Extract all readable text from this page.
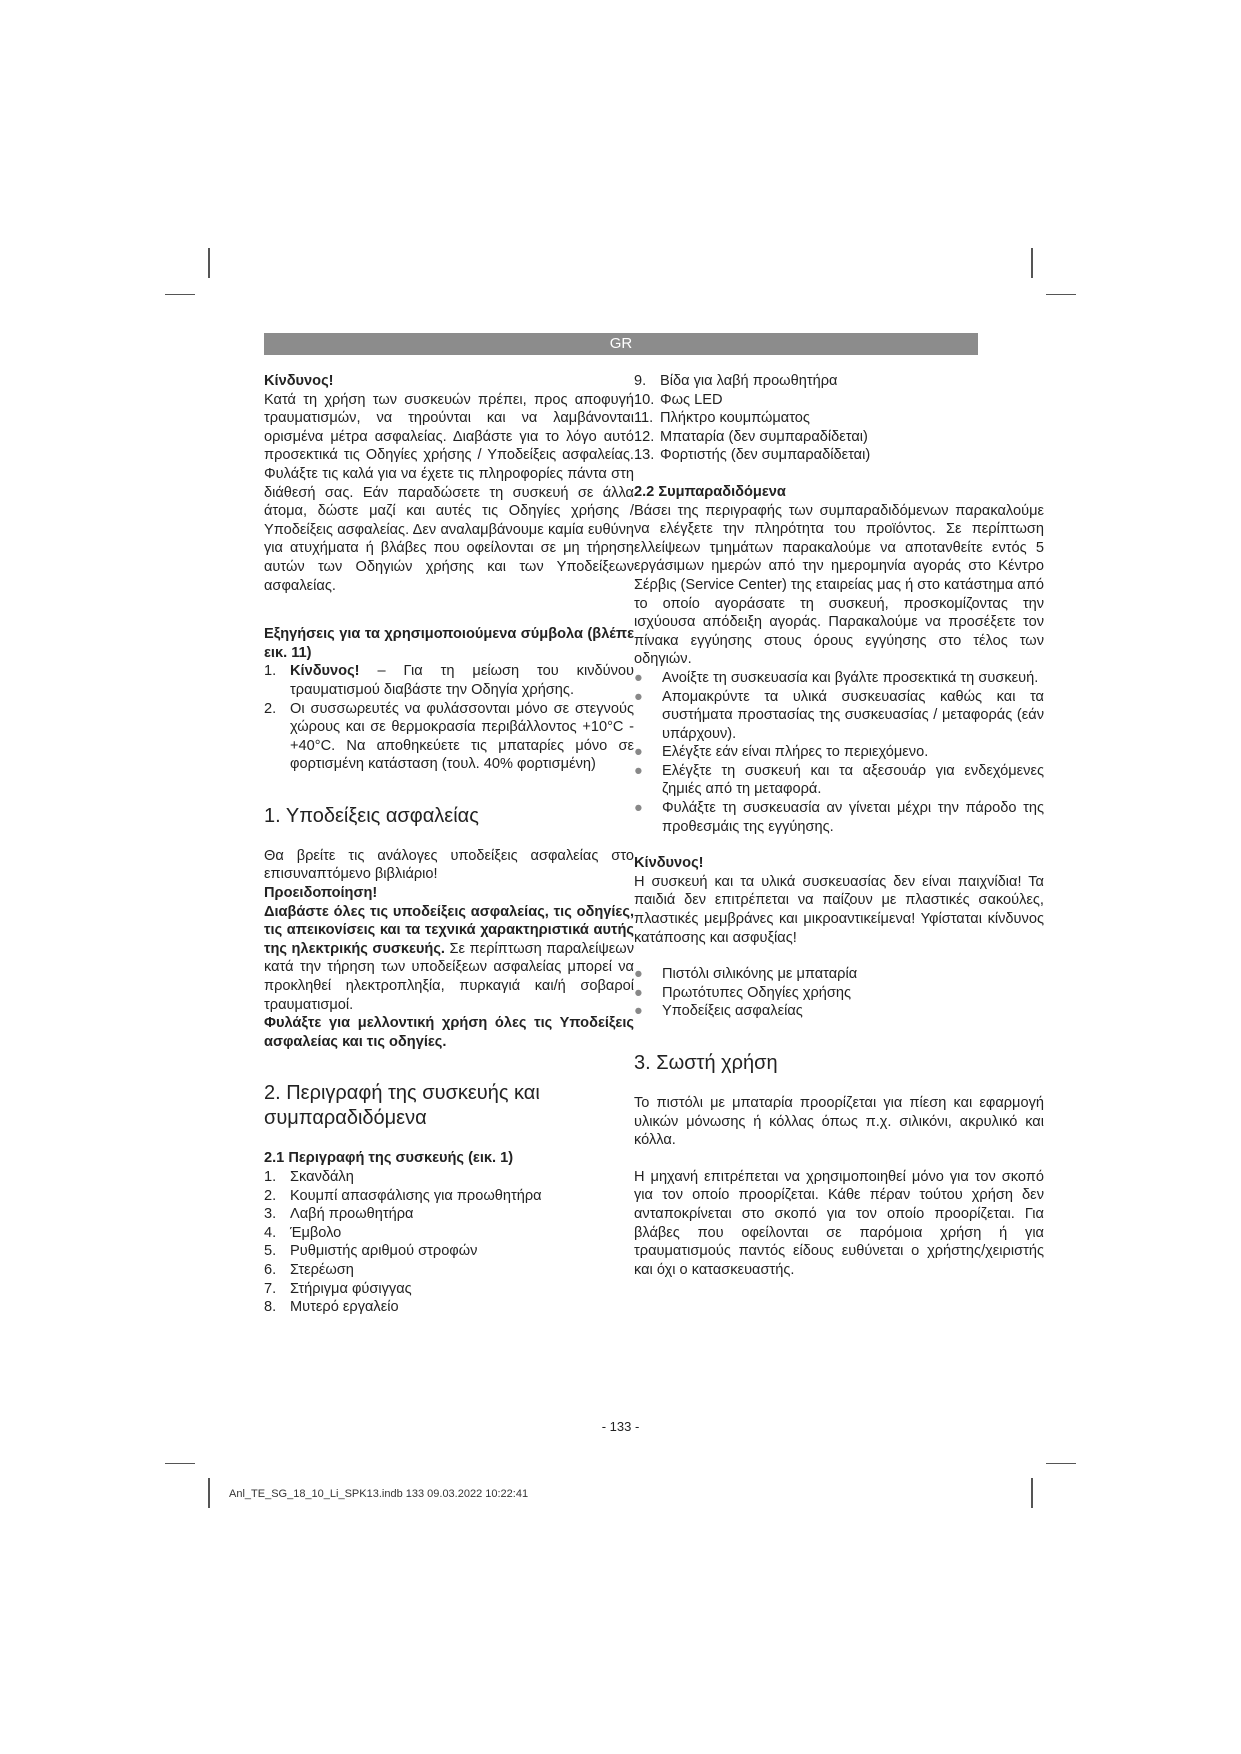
GR

Κίνδυνος!

Κατά τη χρήση των συσκευών πρέπει, προς αποφυγή τραυματισμών, να τηρούνται και να λαμβάνονται ορισμένα μέτρα ασφαλείας. Διαβάστε για το λόγο αυτό προσεκτικά τις Οδηγίες χρήσης / Υποδείξεις ασφαλείας. Φυλάξτε τις καλά για να έχετε τις πληροφορίες πάντα στη διάθεσή σας. Εάν παραδώσετε τη συσκευή σε άλλα άτομα, δώστε μαζί και αυτές τις Οδηγίες χρήσης / Υποδείξεις ασφαλείας. Δεν αναλαμβάνουμε καμία ευθύνη για ατυχήματα ή βλάβες που οφείλονται σε μη τήρηση αυτών των Οδηγιών χρήσης και των Υποδείξεων ασφαλείας.

Εξηγήσεις για τα χρησιμοποιούμενα σύμβολα (βλέπε εικ. 11)

1. Κίνδυνος! – Για τη μείωση του κινδύνου τραυματισμού διαβάστε την Οδηγία χρήσης.
2. Οι συσσωρευτές να φυλάσσονται μόνο σε στεγνούς χώρους και σε θερμοκρασία περιβάλλοντος +10°C - +40°C. Να αποθηκεύετε τις μπαταρίες μόνο σε φορτισμένη κατάσταση (τουλ. 40% φορτισμένη)
1. Υποδείξεις ασφαλείας

Θα βρείτε τις ανάλογες υποδείξεις ασφαλείας στο επισυναπτόμενο βιβλιάριο!

Προειδοποίηση!

Διαβάστε όλες τις υποδείξεις ασφαλείας, τις οδηγίες, τις απεικονίσεις και τα τεχνικά χαρακτηριστικά αυτής της ηλεκτρικής συσκευής. Σε περίπτωση παραλείψεων κατά την τήρηση των υποδείξεων ασφαλείας μπορεί να προκληθεί ηλεκτροπληξία, πυρκαγιά και/ή σοβαροί τραυματισμοί.

Φυλάξτε για μελλοντική χρήση όλες τις Υποδείξεις ασφαλείας και τις οδηγίες.

2. Περιγραφή της συσκευής και συμπαραδιδόμενα

2.1 Περιγραφή της συσκευής (εικ. 1)

1. Σκανδάλη
2. Κουμπί απασφάλισης για προωθητήρα
3. Λαβή προωθητήρα
4. Έμβολο
5. Ρυθμιστής αριθμού στροφών
6. Στερέωση
7. Στήριγμα φύσιγγας
8. Μυτερό εργαλείο
9. Βίδα για λαβή προωθητήρα
10. Φως LED
11. Πλήκτρο κουμπώματος
12. Μπαταρία (δεν συμπαραδίδεται)
13. Φορτιστής (δεν συμπαραδίδεται)

2.2 Συμπαραδιδόμενα

Βάσει της περιγραφής των συμπαραδιδόμενων παρακαλούμε να ελέγξετε την πληρότητα του προϊόντος. Σε περίπτωση ελλείψεων τμημάτων παρακαλούμε να αποτανθείτε εντός 5 εργάσιμων ημερών από την ημερομηνία αγοράς στο Κέντρο Σέρβις (Service Center) της εταιρείας μας ή στο κατάστημα από το οποίο αγοράσατε τη συσκευή, προσκομίζοντας την ισχύουσα απόδειξη αγοράς. Παρακαλούμε να προσέξετε τον πίνακα εγγύησης στους όρους εγγύησης στο τέλος των οδηγιών.

●	Ανοίξτε τη συσκευασία και βγάλτε προσεκτικά τη συσκευή.
●	Απομακρύντε τα υλικά συσκευασίας καθώς και τα συστήματα προστασίας της συσκευασίας / μεταφοράς (εάν υπάρχουν).
●	Ελέγξτε εάν είναι πλήρες το περιεχόμενο.
●	Ελέγξτε τη συσκευή και τα αξεσουάρ για ενδεχόμενες ζημιές από τη μεταφορά.
●	Φυλάξτε τη συσκευασία αν γίνεται μέχρι την πάροδο της προθεσμάις της εγγύησης.

Κίνδυνος!

Η συσκευή και τα υλικά συσκευασίας δεν είναι παιχνίδια! Τα παιδιά δεν επιτρέπεται να παίζουν με πλαστικές σακούλες, πλαστικές μεμβράνες και μικροαντικείμενα! Υφίσταται κίνδυνος κατάποσης και ασφυξίας!

●	Πιστόλι σιλικόνης με μπαταρία
●	Πρωτότυπες Οδηγίες χρήσης
●	Υποδείξεις ασφαλείας
3. Σωστή χρήση

Το πιστόλι με μπαταρία προορίζεται για πίεση και εφαρμογή υλικών μόνωσης ή κόλλας όπως π.χ. σιλικόνι, ακρυλικό και κόλλα.

Η μηχανή επιτρέπεται να χρησιμοποιηθεί μόνο για τον σκοπό για τον οποίο προορίζεται. Κάθε πέραν τούτου χρήση δεν ανταποκρίνεται στο σκοπό για τον οποίο προορίζεται. Για βλάβες που οφείλονται σε παρόμοια χρήση ή για τραυματισμούς παντός είδους ευθύνεται ο χρήστης/χειριστής και όχι ο κατασκευαστής.

- 133 -
Anl_TE_SG_18_10_Li_SPK13.indb 133 09.03.2022 10:22:41
